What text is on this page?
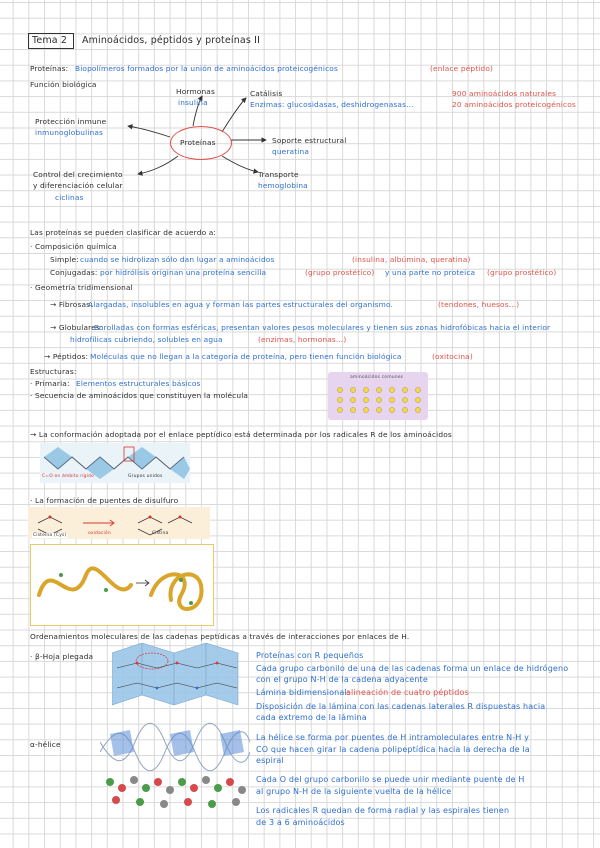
Tema 2 Aminoácidos, péptidos y proteínas II
Proteínas: Biopolímeros formados por la unión de aminoácidos proteicogénicos	(enlace péptido)
Función biológica
Proteínas
Hormonas
insulina
Catálisis
Enzimas: glucosidasas, deshidrogenasas...
900 aminoácidos naturales
20 aminoácidos proteicogénicos
Protección inmune
inmunoglobulinas
Soporte estructural
queratina
Control del crecimiento
y diferenciación celular
ciclinas
Transporte
hemoglobina
Las proteínas se pueden clasificar de acuerdo a:
· Composición química
Simple: cuando se hidrolizan sólo dan lugar a aminoácidos	(insulina, albúmina, queratina)
Conjugadas: por hidrólisis originan una proteína sencilla	(grupo prostético) y una parte no proteica (grupo prostético)
· Geometría tridimensional
→ Fibrosas:
Alargadas, insolubles en agua y forman las partes estructurales del organismo.	(tendones, huesos...)
→ Globulares:
Enrolladas con formas esféricas, presentan valores pesos moleculares y tienen sus zonas hidrofóbicas hacia el interior
hidrofílicas cubriendo, solubles en agua	(enzimas, hormonas...)
→ Péptidos: Moléculas que no llegan a la categoría de proteína, pero tienen función biológica	(oxitocina)
Estructuras:
· Primaria: Elementos estructurales básicos
· Secuencia de aminoácidos que constituyen la molécula
aminoácidos comunes
→ La conformación adoptada por el enlace peptídico está determinada por los radicales R de los aminoácidos
C=O en ámbito rígido	Grupos unidos
· La formación de puentes de disulfuro
Cisteína (Cys)	oxidación	Cistina
Ordenamientos moleculares de las cadenas peptídicas a través de interacciones por enlaces de H.
· β-Hoja plegada	Proteínas con R pequeños
Cada grupo carbonilo de una de las cadenas forma un enlace de hidrógeno
con el grupo N-H de la cadena adyacente
Lámina bidimensional:
alineación de cuatro péptidos
Disposición de la lámina con las cadenas laterales R dispuestas hacia
cada extremo de la lámina
α-hélice
La hélice se forma por puentes de H intramoleculares entre N-H y
CO que hacen girar la cadena polipeptídica hacia la derecha de la
espiral
Cada O del grupo carbonilo se puede unir mediante puente de H
al grupo N-H de la siguiente vuelta de la hélice
Los radicales R quedan de forma radial y las espirales tienen
de 3 a 6 aminoácidos
